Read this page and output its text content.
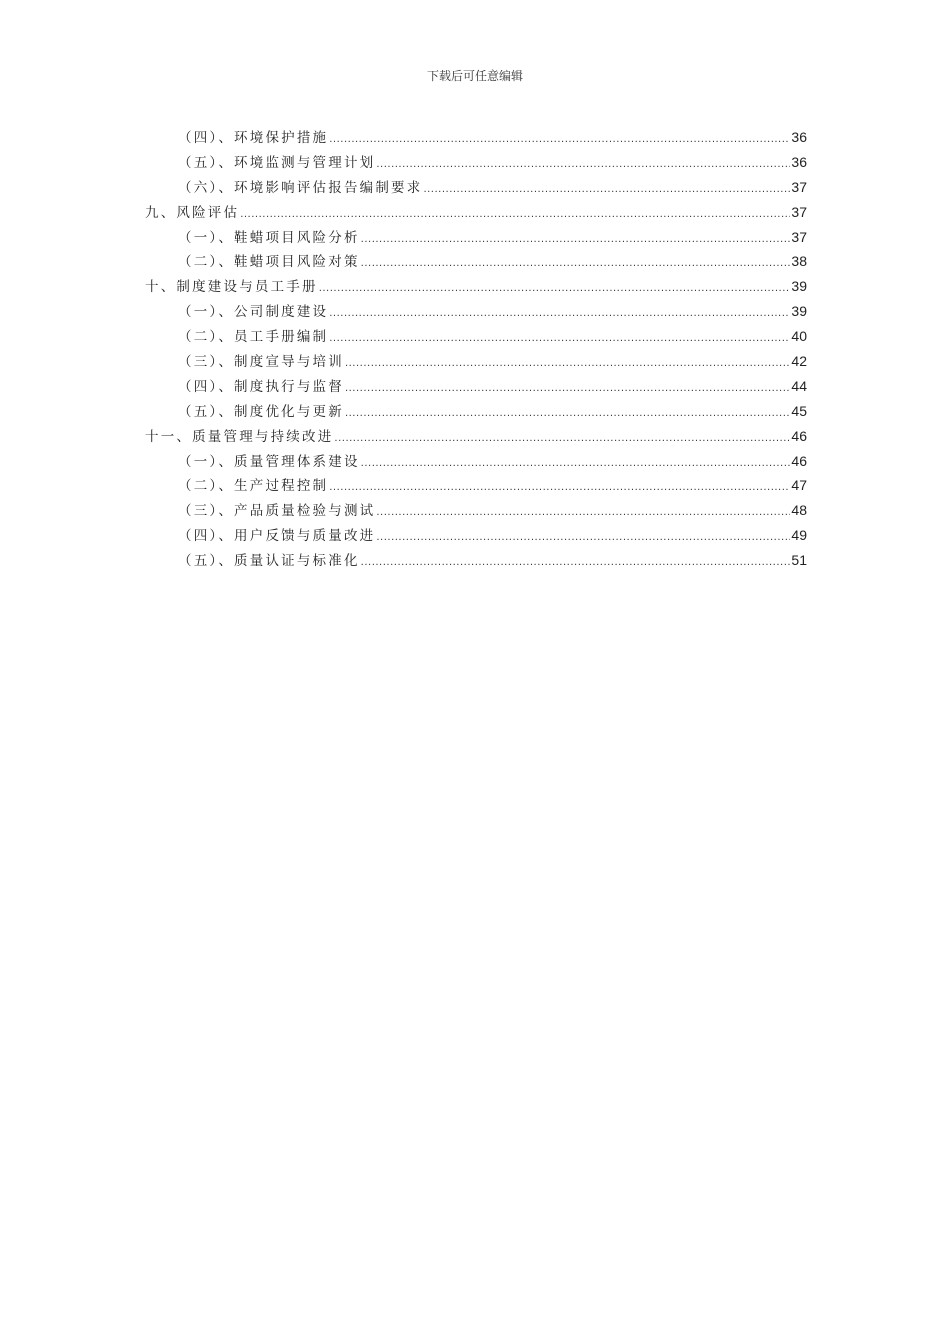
下载后可任意编辑
（四）、环境保护措施 .....	36
（五）、环境监测与管理计划 .....	36
（六）、环境影响评估报告编制要求 .....	37
九、风险评估 .....	37
（一）、鞋蜡项目风险分析 .....	37
（二）、鞋蜡项目风险对策 .....	38
十、制度建设与员工手册 .....	39
（一）、公司制度建设 .....	39
（二）、员工手册编制 .....	40
（三）、制度宣导与培训 .....	42
（四）、制度执行与监督 .....	44
（五）、制度优化与更新 .....	45
十一、质量管理与持续改进 .....	46
（一）、质量管理体系建设 .....	46
（二）、生产过程控制 .....	47
（三）、产品质量检验与测试 .....	48
（四）、用户反馈与质量改进 .....	49
（五）、质量认证与标准化 .....	51
